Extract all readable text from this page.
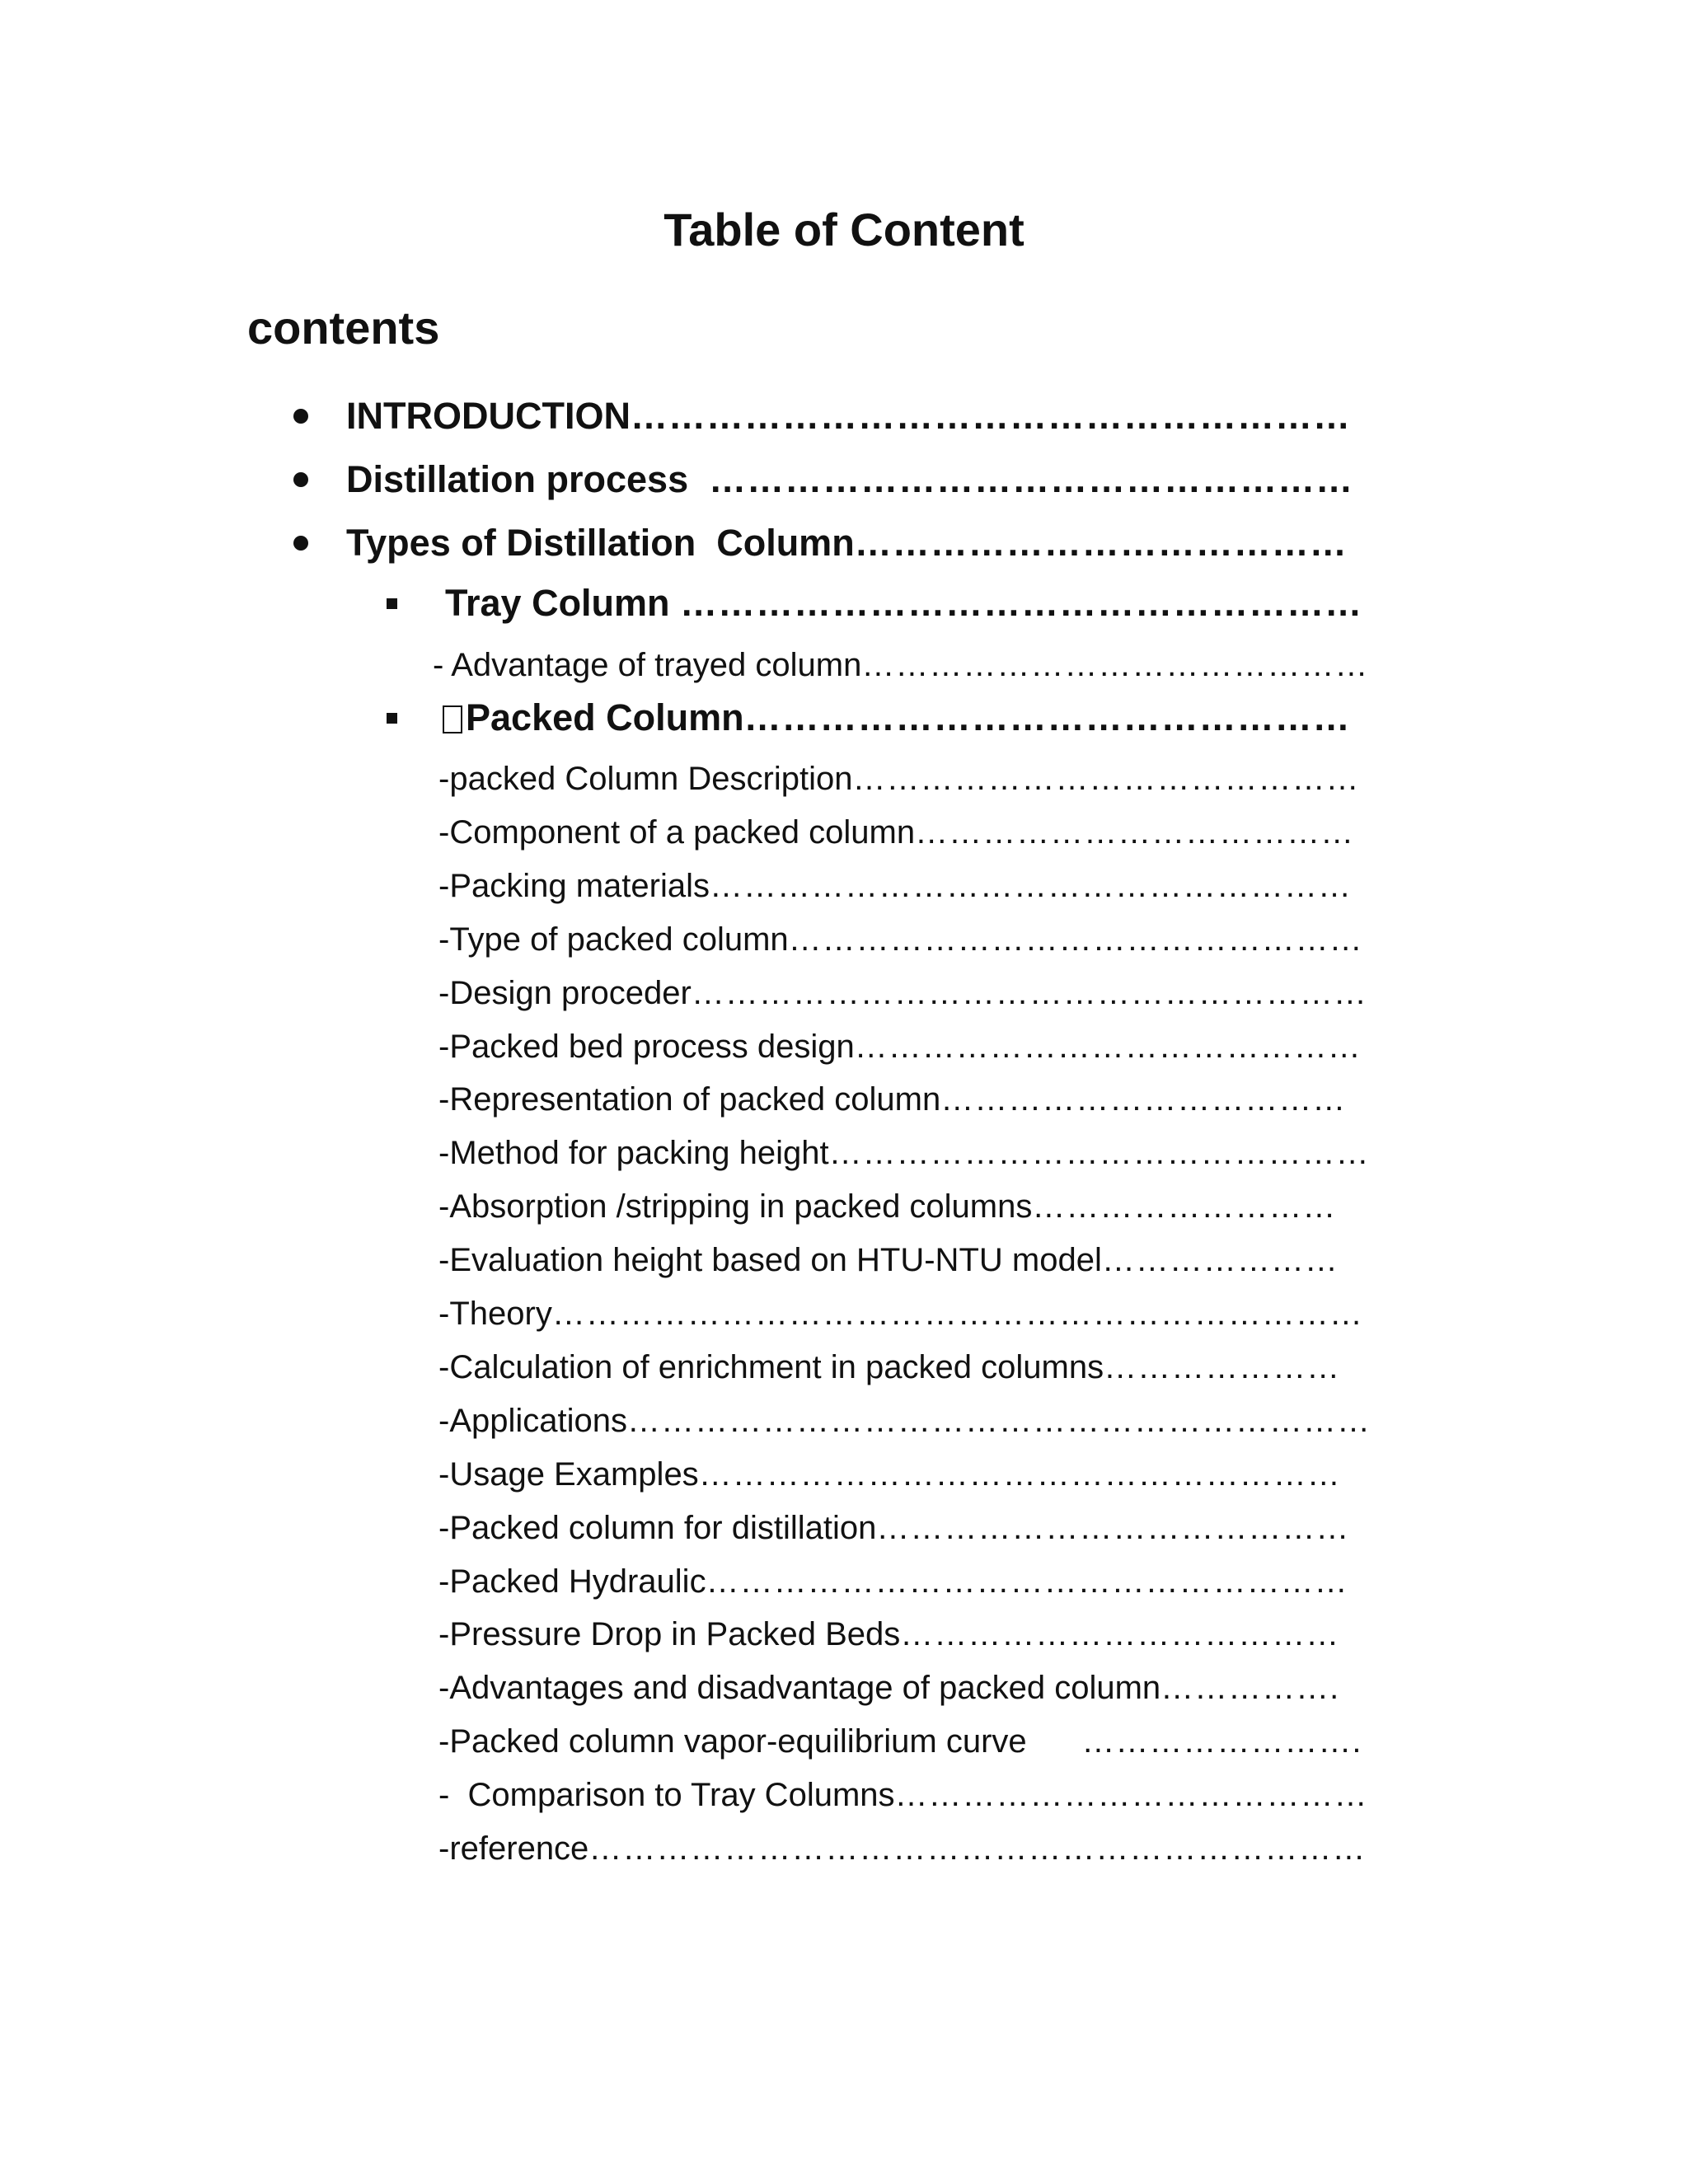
Table of Content
contents
INTRODUCTION …………………………………………………
Distillation process ……………………………………………
Types of Distillation  Column …………………………………
Tray Column ………………………………………………
- Advantage of trayed column ………………………………………
Packed Column …………………………………………
-packed Column Description ………………………………………
-Component of a packed column …………………………………
-Packing materials …………………………………………………
-Type of packed column ……………………………………………
-Design proceder ……………………………………………………
-Packed bed process design ………………………………………
-Representation of packed column ………………………………
-Method for packing height …………………………………………
-Absorption /stripping in packed columns ………………………
-Evaluation height based on HTU-NTU model …………………
-Theory ………………………………………………………………
-Calculation of enrichment in packed columns …………………
-Applications …………………………………………………………
-Usage Examples …………………………………………………
-Packed column for distillation ……………………………………
-Packed Hydraulic …………………………………………………
-Pressure Drop in Packed Beds …………………………………
-Advantages and disadvantage of packed column …………….
-Packed column vapor-equilibrium curve …………………….
-  Comparison to Tray Columns ……………………………………
-reference ……………………………………………………………
